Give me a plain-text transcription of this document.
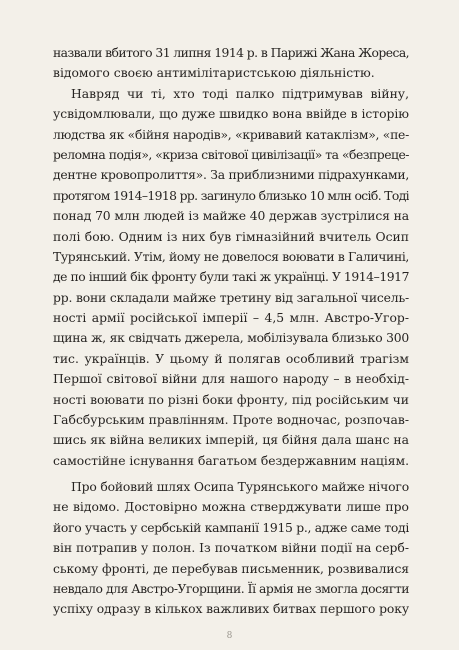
назвали вбитого 31 липня 1914 р. в Парижі Жана Жореса,
відомого своєю антимілітаристською діяльністю.
Навряд чи ті, хто тоді палко підтримував війну,
усвідомлювали, що дуже швидко вона ввійде в історію
людства як «бійня народів», «кривавий катаклізм», «пе-
реломна подія», «криза світової цивілізації» та «безпреце-
дентне кровопролиття». За приблизними підрахунками,
протягом 1914–1918 рр. загинуло близько 10 млн осіб. Тоді
понад 70 млн людей із майже 40 держав зустрілися на
полі бою. Одним із них був гімназійний вчитель Осип
Турянський. Утім, йому не довелося воювати в Галичині,
де по інший бік фронту були такі ж українці. У 1914–1917
рр. вони складали майже третину від загальної чисель-
ності армії російської імперії – 4,5 млн. Австро-Угор-
щина ж, як свідчать джерела, мобілізувала близько 300
тис. українців. У цьому й полягав особливий трагізм
Першої світової війни для нашого народу – в необхід-
ності воювати по різні боки фронту, під російським чи
Габсбурським правлінням. Проте водночас, розпочав-
шись як війна великих імперій, ця бійня дала шанс на
самостійне існування багатьом бездержавним націям.
Про бойовий шлях Осипа Турянського майже нічого
не відомо. Достовірно можна стверджувати лише про
його участь у сербській кампанії 1915 р., адже саме тоді
він потрапив у полон. Із початком війни події на серб-
ському фронті, де перебував письменник, розвивалися
невдало для Австро-Угорщини. Її армія не змогла досягти
успіху одразу в кількох важливих битвах першого року
8
